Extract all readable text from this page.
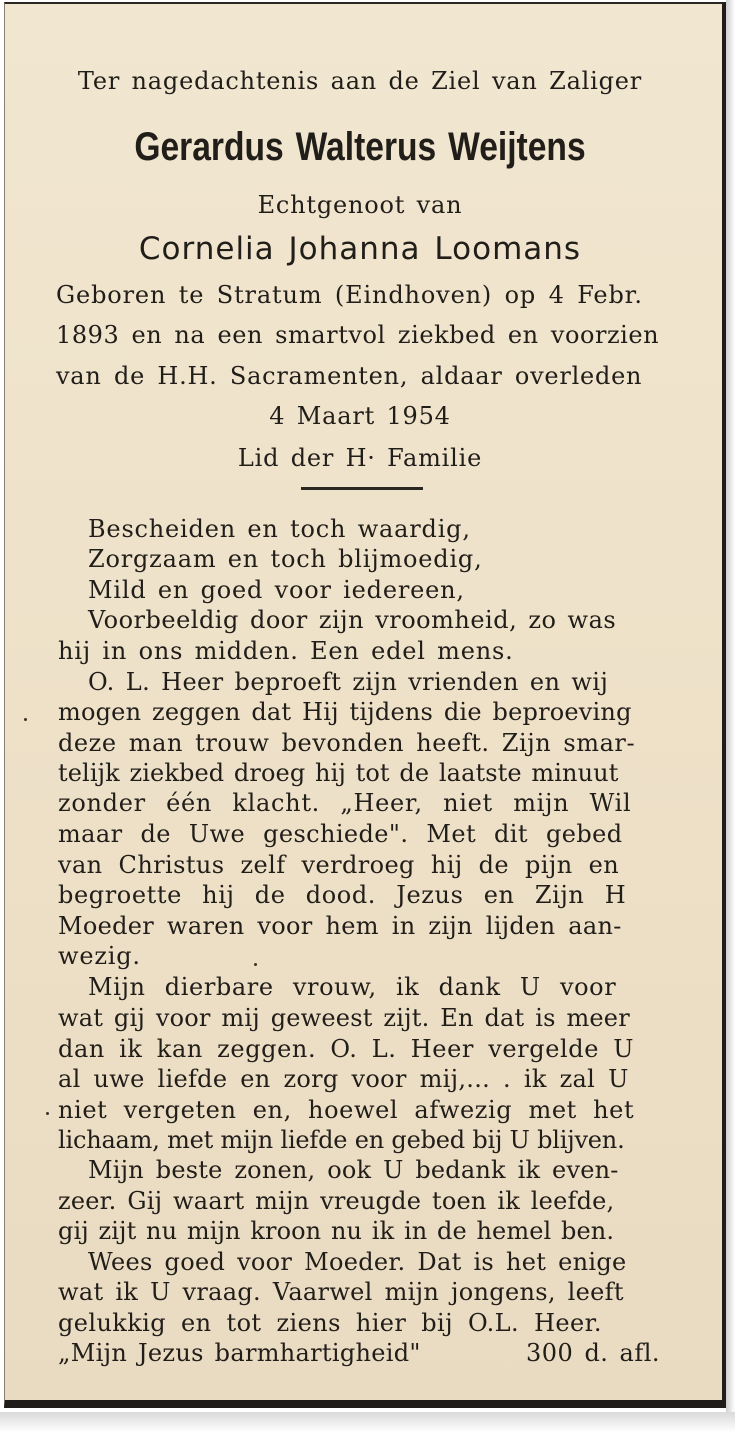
Ter nagedachtenis aan de Ziel van Zaliger
Gerardus Walterus Weijtens
Echtgenoot van
Cornelia Johanna Loomans
Geboren te Stratum (Eindhoven) op 4 Febr.
1893 en na een smartvol ziekbed en voorzien
van de H.H. Sacramenten, aldaar overleden
4 Maart 1954
Lid der H· Familie
Bescheiden en toch waardig,
Zorgzaam en toch blijmoedig,
Mild en goed voor iedereen,
Voorbeeldig door zijn vroomheid, zo was
hij in ons midden. Een edel mens.
O. L. Heer beproeft zijn vrienden en wij
mogen zeggen dat Hij tijdens die beproeving
deze man trouw bevonden heeft. Zijn smar-
telijk ziekbed droeg hij tot de laatste minuut
zonder één klacht. „Heer, niet mijn Wil
maar de Uwe geschiede". Met dit gebed
van Christus zelf verdroeg hij de pijn en
begroette hij de dood. Jezus en Zijn H
Moeder waren voor hem in zijn lijden aan-
wezig.
Mijn dierbare vrouw, ik dank U voor
wat gij voor mij geweest zijt. En dat is meer
dan ik kan zeggen. O. L. Heer vergelde U
al uwe liefde en zorg voor mij,... . ik zal U
niet vergeten en, hoewel afwezig met het
lichaam, met mijn liefde en gebed bij U blijven.
Mijn beste zonen, ook U bedank ik even-
zeer. Gij waart mijn vreugde toen ik leefde,
gij zijt nu mijn kroon nu ik in de hemel ben.
Wees goed voor Moeder. Dat is het enige
wat ik U vraag. Vaarwel mijn jongens, leeft
gelukkig en tot ziens hier bij O.L. Heer.
„Mijn Jezus barmhartigheid"	300 d. afl.
